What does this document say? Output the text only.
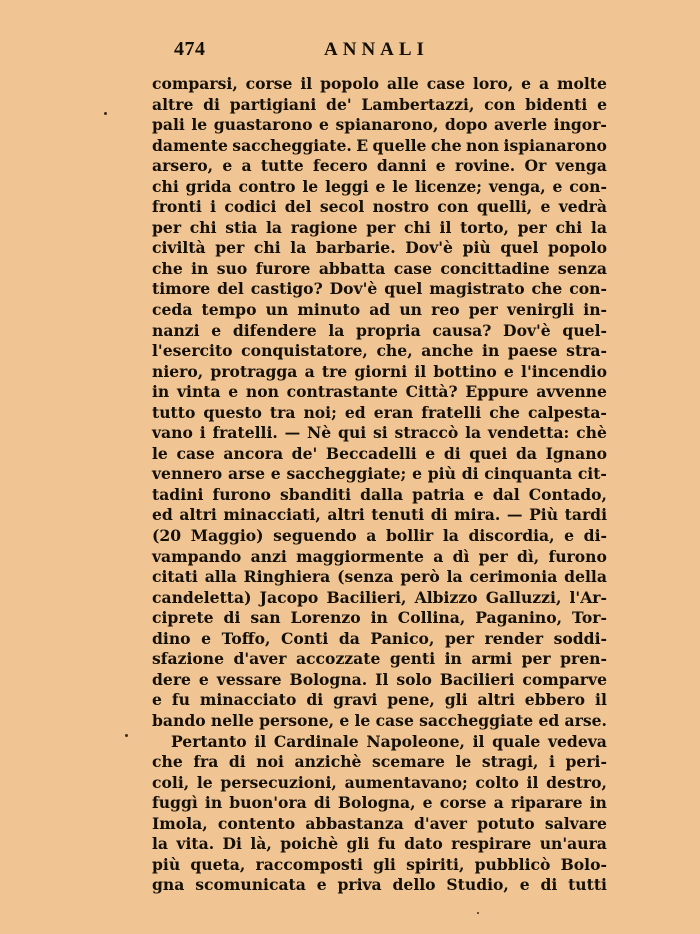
474	ANNALI
comparsi, corse il popolo alle case loro, e a molte
altre di partigiani de' Lambertazzi, con bidenti e
pali le guastarono e spianarono, dopo averle ingor-
damente saccheggiate. E quelle che non ispianarono
arsero, e a tutte fecero danni e rovine. Or venga
chi grida contro le leggi e le licenze; venga, e con-
fronti i codici del secol nostro con quelli, e vedrà
per chi stia la ragione per chi il torto, per chi la
civiltà per chi la barbarie. Dov'è più quel popolo
che in suo furore abbatta case concittadine senza
timore del castigo? Dov'è quel magistrato che con-
ceda tempo un minuto ad un reo per venirgli in-
nanzi e difendere la propria causa? Dov'è quel-
l'esercito conquistatore, che, anche in paese stra-
niero, protragga a tre giorni il bottino e l'incendio
in vinta e non contrastante Città? Eppure avvenne
tutto questo tra noi; ed eran fratelli che calpesta-
vano i fratelli. — Nè qui si straccò la vendetta: chè
le case ancora de' Beccadelli e di quei da Ignano
vennero arse e saccheggiate; e più di cinquanta cit-
tadini furono sbanditi dalla patria e dal Contado,
ed altri minacciati, altri tenuti di mira. — Più tardi
(20 Maggio) seguendo a bollir la discordia, e di-
vampando anzi maggiormente a dì per dì, furono
citati alla Ringhiera (senza però la cerimonia della
candeletta) Jacopo Bacilieri, Albizzo Galluzzi, l'Ar-
ciprete di san Lorenzo in Collina, Paganino, Tor-
dino e Toffo, Conti da Panico, per render soddi-
sfazione d'aver accozzate genti in armi per pren-
dere e vessare Bologna. Il solo Bacilieri comparve
e fu minacciato di gravi pene, gli altri ebbero il
bando nelle persone, e le case saccheggiate ed arse.
Pertanto il Cardinale Napoleone, il quale vedeva
che fra di noi anzichè scemare le stragi, i peri-
coli, le persecuzioni, aumentavano; colto il destro,
fuggì in buon'ora di Bologna, e corse a riparare in
Imola, contento abbastanza d'aver potuto salvare
la vita. Di là, poichè gli fu dato respirare un'aura
più queta, raccomposti gli spiriti, pubblicò Bolo-
gna scomunicata e priva dello Studio, e di tutti
